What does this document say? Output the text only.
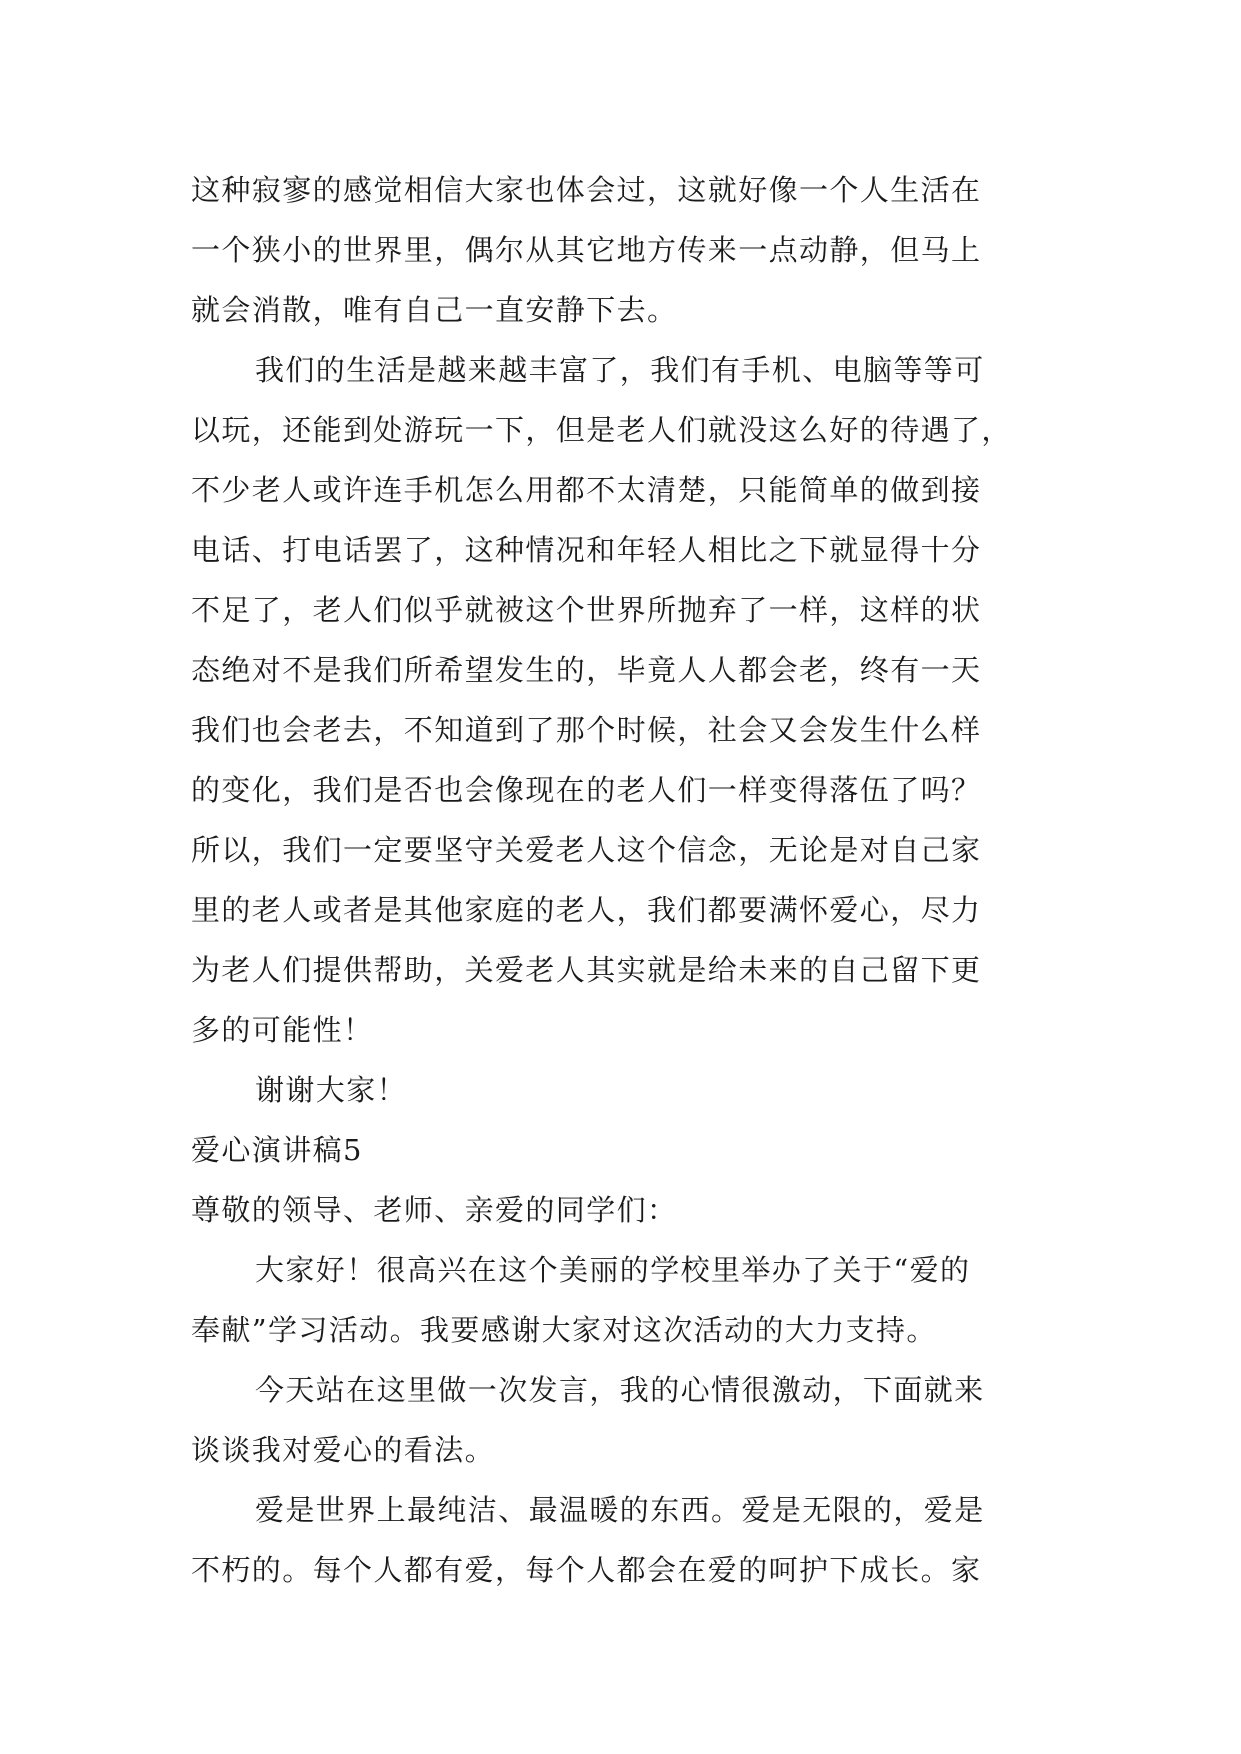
这种寂寥的感觉相信大家也体会过，这就好像一个人生活在
一个狭小的世界里，偶尔从其它地方传来一点动静，但马上
就会消散，唯有自己一直安静下去。

我们的生活是越来越丰富了，我们有手机、电脑等等可
以玩，还能到处游玩一下，但是老人们就没这么好的待遇了，
不少老人或许连手机怎么用都不太清楚，只能简单的做到接
电话、打电话罢了，这种情况和年轻人相比之下就显得十分
不足了，老人们似乎就被这个世界所抛弃了一样，这样的状
态绝对不是我们所希望发生的，毕竟人人都会老，终有一天
我们也会老去，不知道到了那个时候，社会又会发生什么样
的变化，我们是否也会像现在的老人们一样变得落伍了吗？
所以，我们一定要坚守关爱老人这个信念，无论是对自己家
里的老人或者是其他家庭的老人，我们都要满怀爱心，尽力
为老人们提供帮助，关爱老人其实就是给未来的自己留下更
多的可能性！

谢谢大家！

爱心演讲稿5

尊敬的领导、老师、亲爱的同学们：

大家好！很高兴在这个美丽的学校里举办了关于“爱的
奉献”学习活动。我要感谢大家对这次活动的大力支持。

今天站在这里做一次发言，我的心情很激动，下面就来
谈谈我对爱心的看法。

爱是世界上最纯洁、最温暖的东西。爱是无限的，爱是
不朽的。每个人都有爱，每个人都会在爱的呵护下成长。家
